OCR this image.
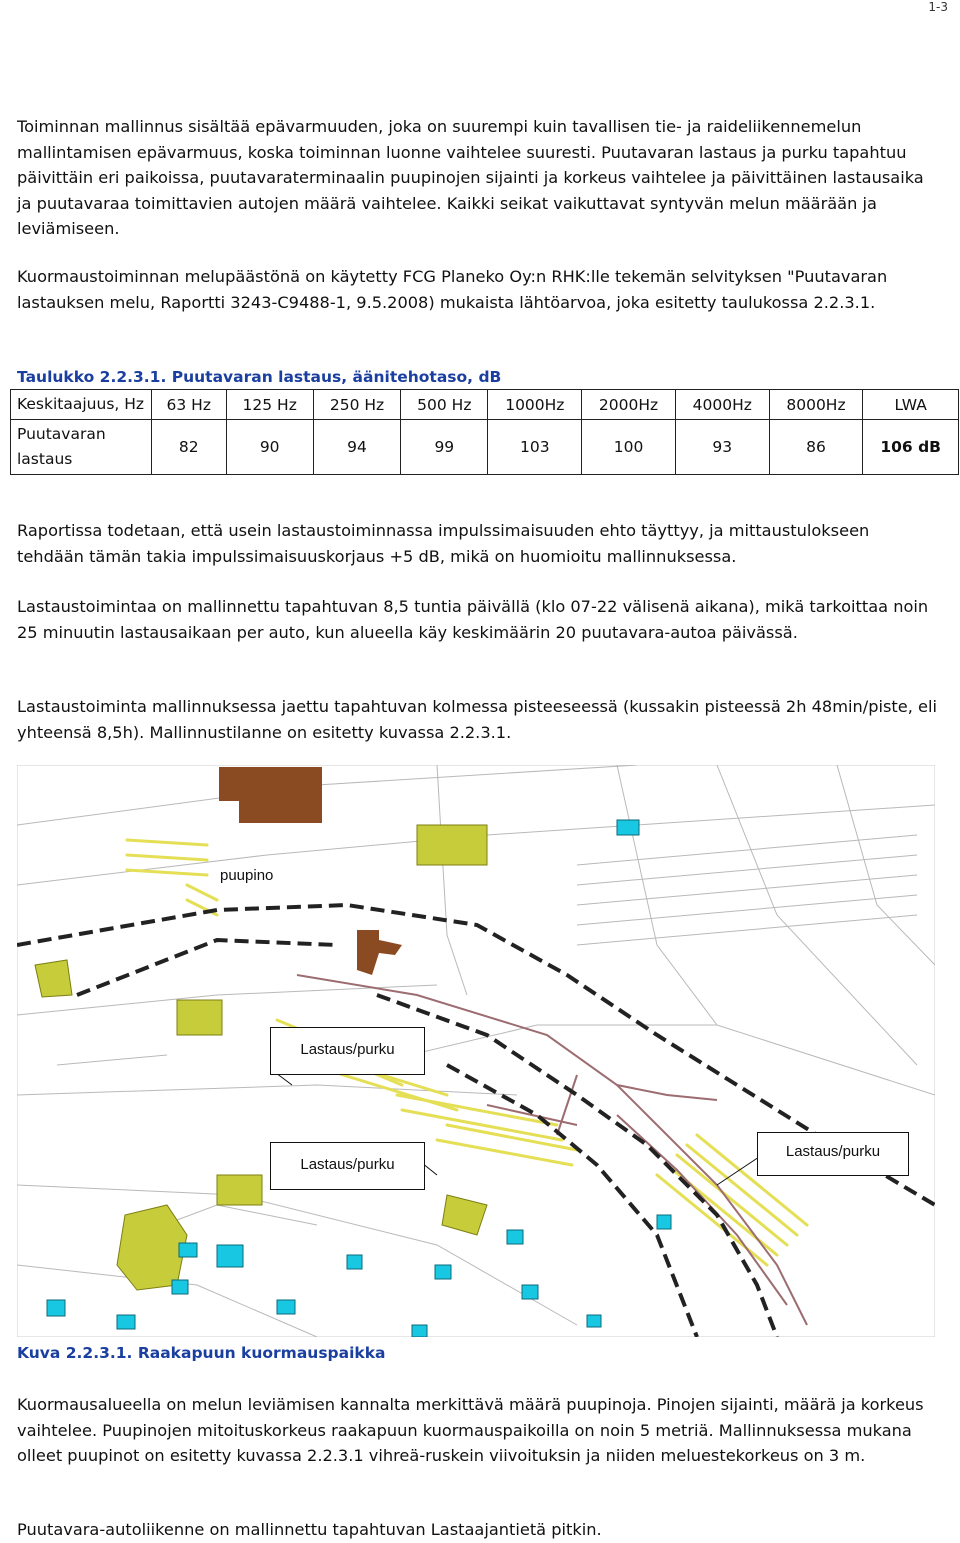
1-3

Toiminnan mallinnus sisältää epävarmuuden, joka on suurempi kuin tavallisen tie- ja raideliikennemelun mallintamisen epävarmuus, koska toiminnan luonne vaihtelee suuresti. Puutavaran lastaus ja purku tapahtuu päivittäin eri paikoissa, puutavaraterminaalin puupinojen sijainti ja korkeus vaihtelee ja päivittäinen lastausaika ja puutavaraa toimittavien autojen määrä vaihtelee. Kaikki seikat vaikuttavat syntyvän melun määrään ja leviämiseen.

Kuormaustoiminnan melupäästönä on käytetty FCG Planeko Oy:n RHK:lle tekemän selvityksen "Puutavaran lastauksen melu, Raportti 3243-C9488-1, 9.5.2008) mukaista lähtöarvoa, joka esitetty taulukossa 2.2.3.1.

Taulukko 2.2.3.1. Puutavaran lastaus, äänitehotaso, dB
Keskitaajuus, Hz	63 Hz	125 Hz	250 Hz	500 Hz	1000Hz	2000Hz	4000Hz	8000Hz	LWA
Puutavaran lastaus	82	90	94	99	103	100	93	86	106 dB

Raportissa todetaan, että usein lastaustoiminnassa impulssimaisuuden ehto täyttyy, ja mittaustulokseen tehdään tämän takia impulssimaisuuskorjaus +5 dB, mikä on huomioitu mallinnuksessa.

Lastaustoimintaa on mallinnettu tapahtuvan 8,5 tuntia päivällä (klo 07-22 välisenä aikana), mikä tarkoittaa noin 25 minuutin lastausaikaan per auto, kun alueella käy keskimäärin 20 puutavara-autoa päivässä.

Lastaustoiminta mallinnuksessa jaettu tapahtuvan kolmessa pisteeseessä (kussakin pisteessä 2h 48min/piste, eli yhteensä 8,5h). Mallinnustilanne on esitetty kuvassa 2.2.3.1.

puupino
Lastaus/purku
Lastaus/purku
Lastaus/purku
Kuva 2.2.3.1. Raakapuun kuormauspaikka

Kuormausalueella on melun leviämisen kannalta merkittävä määrä puupinoja. Pinojen sijainti, määrä ja korkeus vaihtelee. Puupinojen mitoituskorkeus raakapuun kuormauspaikoilla on noin 5 metriä. Mallinnuksessa mukana olleet puupinot on esitetty kuvassa 2.2.3.1 vihreä-ruskein viivoituksin ja niiden meluestekorkeus on 3 m.

Puutavara-autoliikenne on mallinnettu tapahtuvan Lastaajantietä pitkin.
